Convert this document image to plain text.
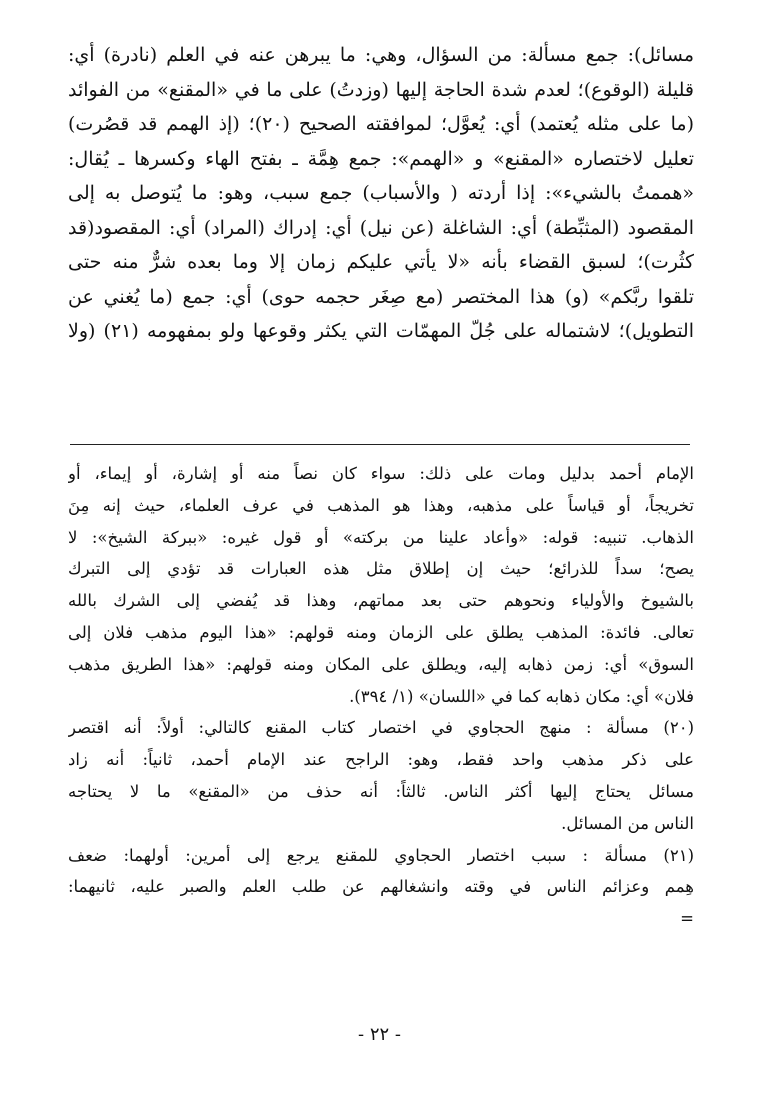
مسائل): جمع مسألة: من السؤال، وهي: ما يبرهن عنه في العلم (نادرة) أي:
قليلة (الوقوع)؛ لعدم شدة الحاجة إليها (وزدتُ) على ما في «المقنع» من الفوائد
(ما على مثله يُعتمد) أي: يُعوَّل؛ لموافقته الصحيح (٢٠)؛ (إذ الهمم قد قصُرت)
تعليل لاختصاره «المقنع» و «الهمم»: جمع هِمَّة ـ بفتح الهاء وكسرها ـ يُقال:
«هممتُ بالشيء»: إذا أردته ( والأسباب) جمع سبب، وهو: ما يُتوصل به إلى
المقصود (المثبِّطة) أي: الشاغلة (عن نيل) أي: إدراك (المراد) أي: المقصود(قد
كثُرت)؛ لسبق القضاء بأنه «لا يأتي عليكم زمان إلا وما بعده شرٌّ منه حتى
تلقوا ربَّكم» (و) هذا المختصر (مع صِغَر حجمه حوى) أي: جمع (ما يُغني عن
التطويل)؛ لاشتماله على جُلّ المهمّات التي يكثر وقوعها ولو بمفهومه (٢١) (ولا
الإمام أحمد بدليل ومات على ذلك: سواء كان نصاً منه أو إشارة، أو إيماء، أو
تخريجاً، أو قياساً على مذهبه، وهذا هو المذهب في عرف العلماء، حيث إنه مِنَ
الذهاب. تنبيه: قوله: «وأعاد علينا من بركته» أو قول غيره: «ببركة الشيخ»: لا
يصح؛ سداً للذرائع؛ حيث إن إطلاق مثل هذه العبارات قد تؤدي إلى التبرك
بالشيوخ والأولياء ونحوهم حتى بعد مماتهم، وهذا قد يُفضي إلى الشرك بالله
تعالى. فائدة: المذهب يطلق على الزمان ومنه قولهم: «هذا اليوم مذهب فلان إلى
السوق» أي: زمن ذهابه إليه، ويطلق على المكان ومنه قولهم: «هذا الطريق مذهب
فلان» أي: مكان ذهابه كما في «اللسان» (١/ ٣٩٤).
(٢٠) مسألة : منهج الحجاوي في اختصار كتاب المقنع كالتالي: أولاً: أنه اقتصر
على ذكر مذهب واحد فقط، وهو: الراجح عند الإمام أحمد، ثانياً: أنه زاد
مسائل يحتاج إليها أكثر الناس. ثالثاً: أنه حذف من «المقنع» ما لا يحتاجه
الناس من المسائل.
(٢١) مسألة : سبب اختصار الحجاوي للمقنع يرجع إلى أمرين: أولهما: ضعف
هِمم وعزائم الناس في وقته وانشغالهم عن طلب العلم والصبر عليه، ثانيهما:
=
- ٢٢ -
